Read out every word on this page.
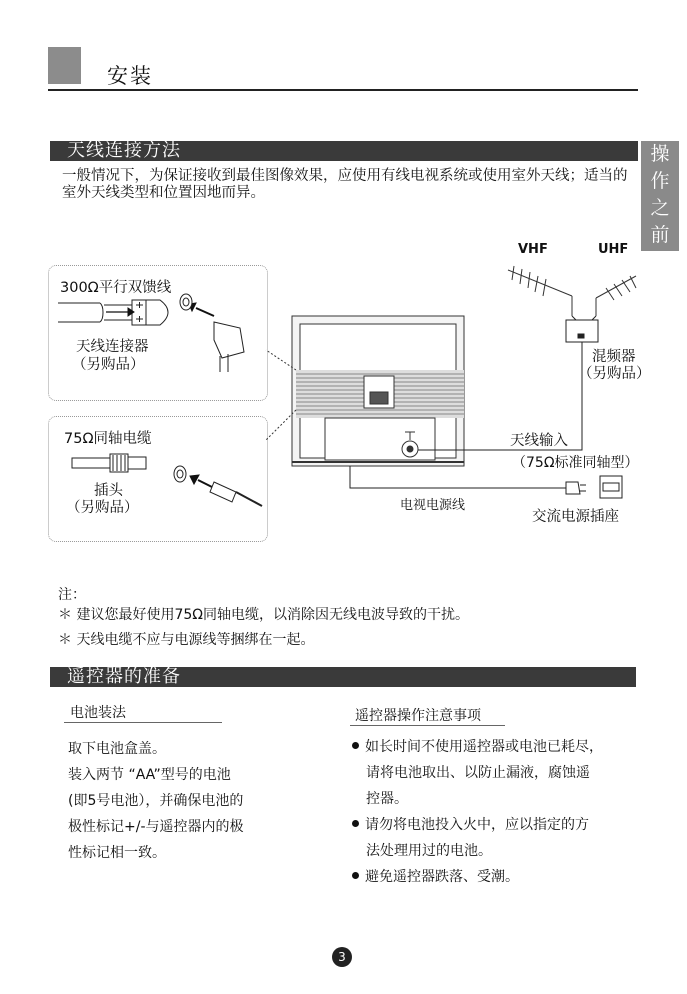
安装
操
作
之
前
天线连接方法
一般情况下，为保证接收到最佳图像效果，应使用有线电视系统或使用室外天线；适当的室外天线类型和位置因地而异。
300Ω平行双馈线
天线连接器
（另购品）
75Ω同轴电缆
插头
（另购品）
VHF	UHF
混频器
（另购品）
天线输入
（75Ω标准同轴型）
电视电源线
交流电源插座
注：
＊ 建议您最好使用75Ω同轴电缆，以消除因无线电波导致的干扰。
＊ 天线电缆不应与电源线等捆绑在一起。
遥控器的准备
电池装法
取下电池盒盖。
装入两节 “AA”型号的电池
(即5号电池），并确保电池的
极性标记+/-与遥控器内的极
性标记相一致。
遥控器操作注意事项
如长时间不使用遥控器或电池已耗尽，
请将电池取出、以防止漏液，腐蚀遥
控器。
请勿将电池投入火中，应以指定的方
法处理用过的电池。
避免遥控器跌落、受潮。
3
